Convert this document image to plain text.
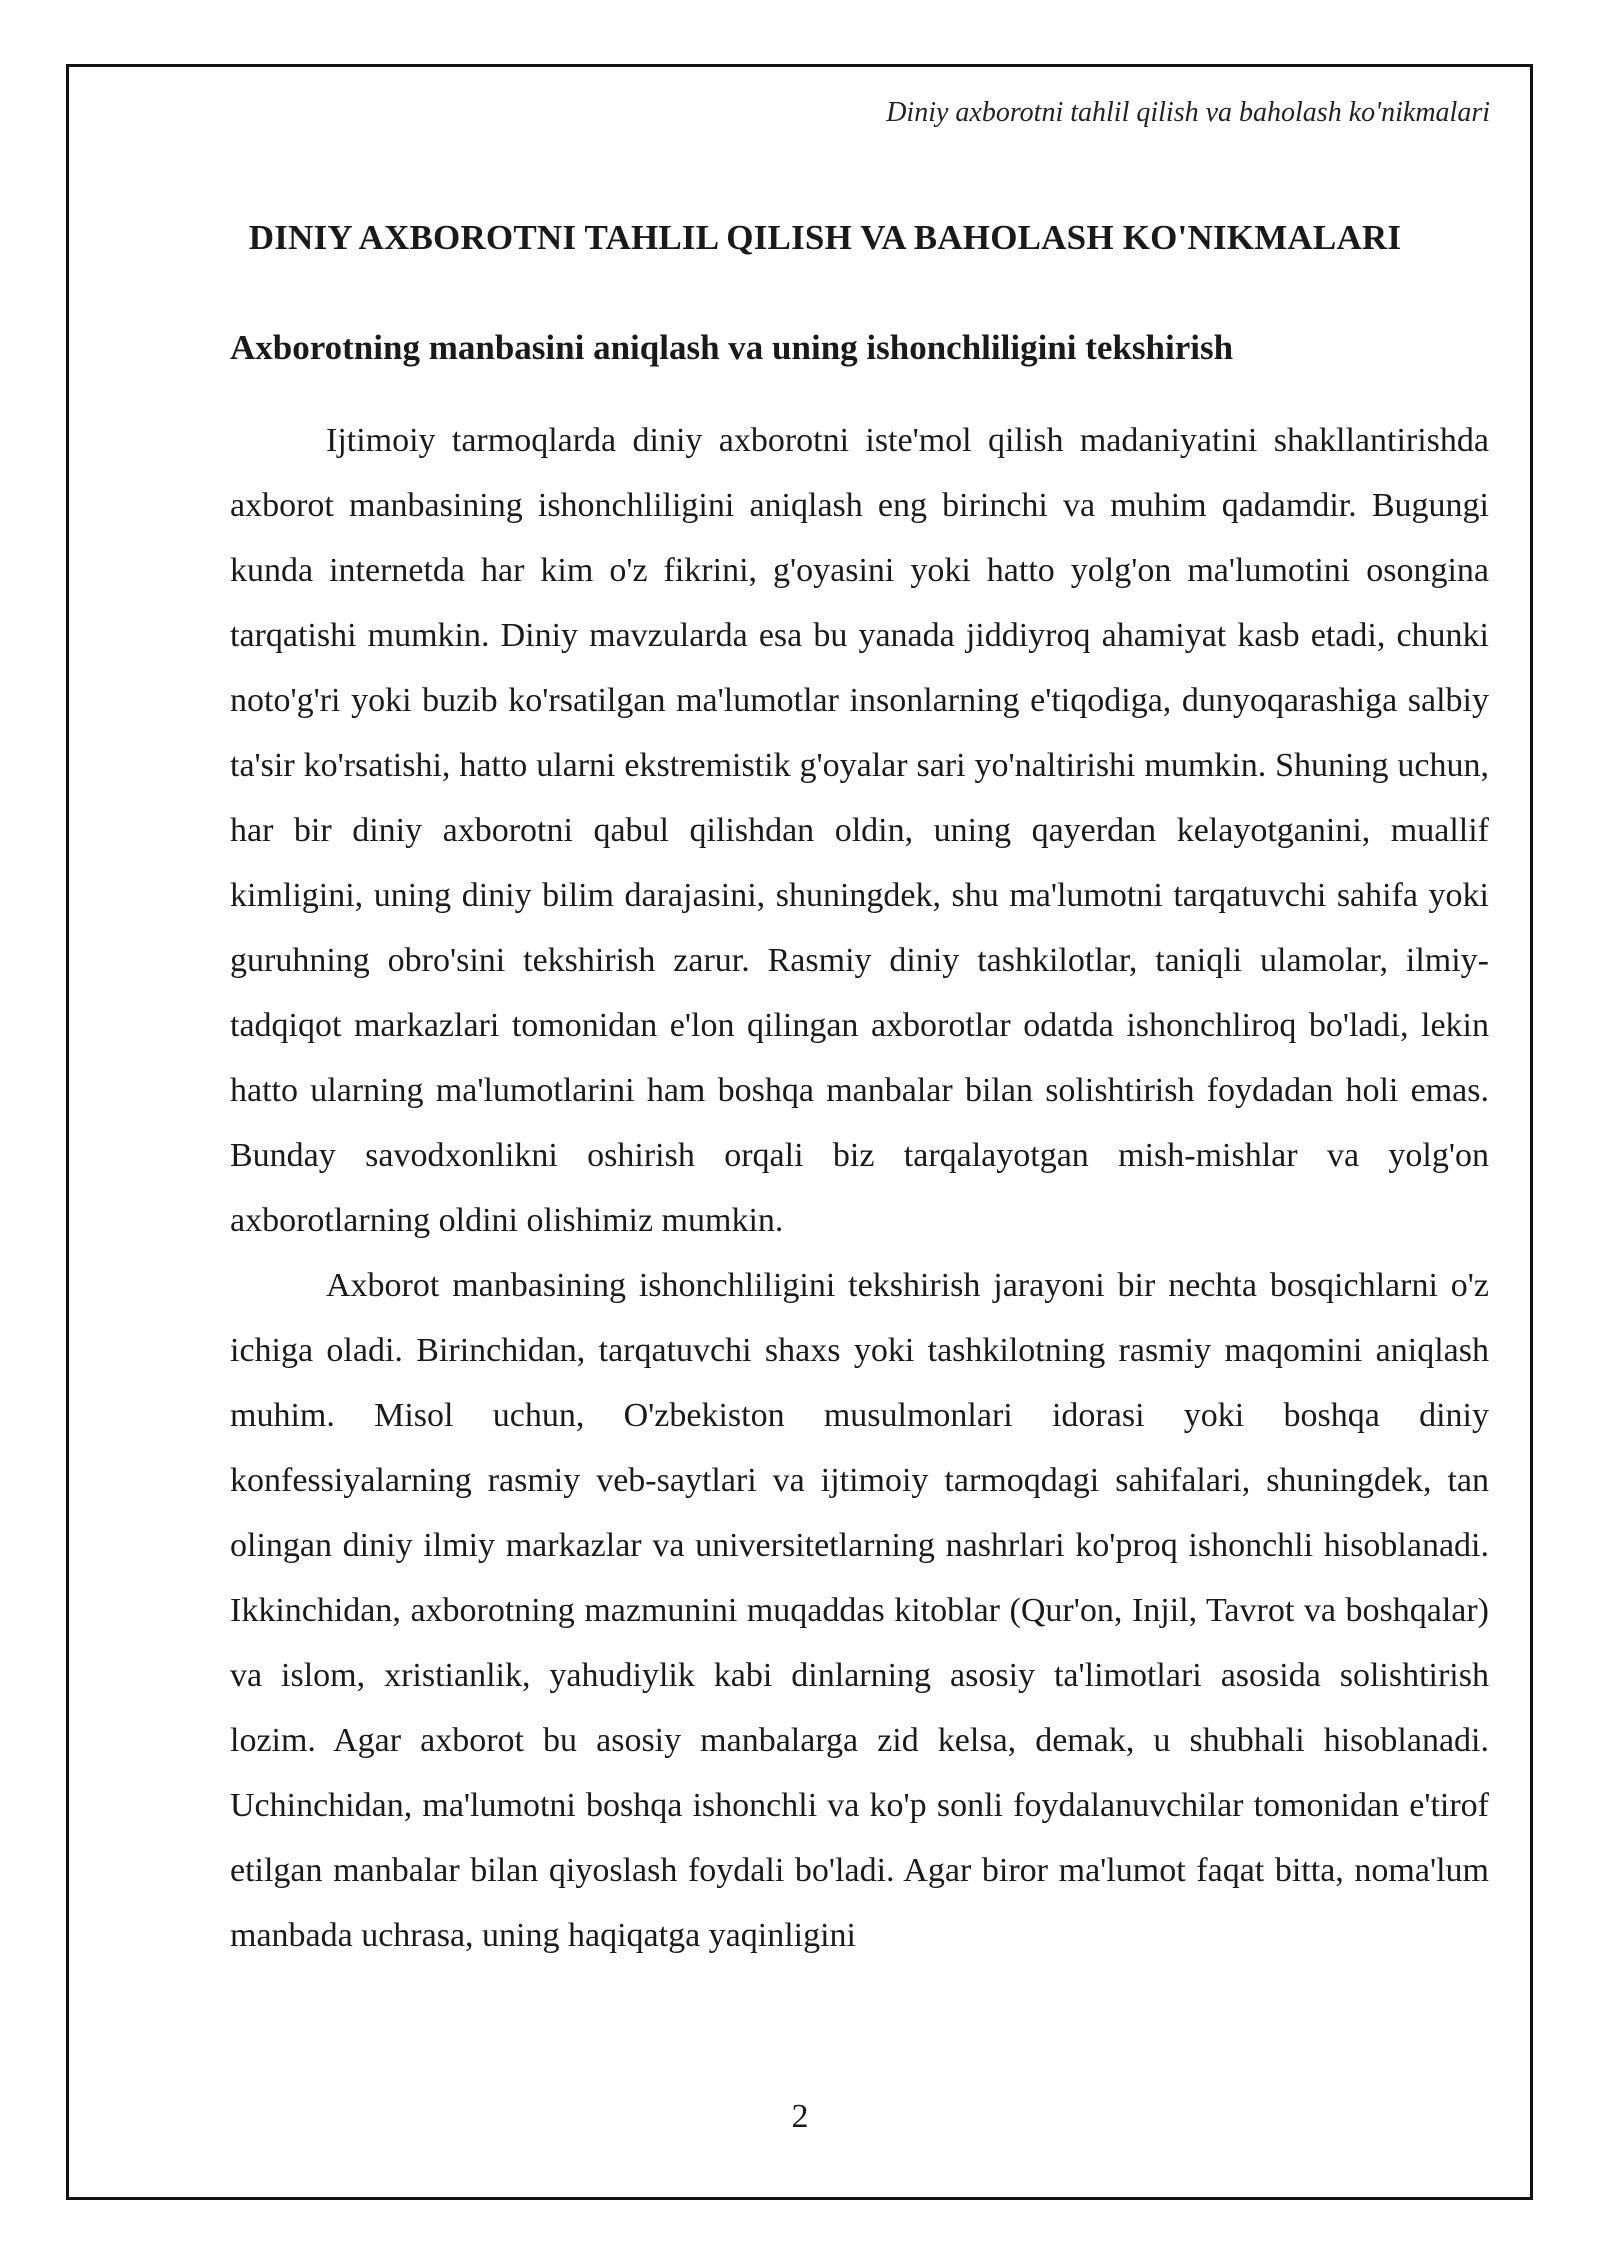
Diniy axborotni tahlil qilish va baholash ko'nikmalari

DINIY AXBOROTNI TAHLIL QILISH VA BAHOLASH KO'NIKMALARI
Axborotning manbasini aniqlash va uning ishonchliligini tekshirish

Ijtimoiy tarmoqlarda diniy axborotni iste'mol qilish madaniyatini shakllantirishda axborot manbasining ishonchliligini aniqlash eng birinchi va muhim qadamdir. Bugungi kunda internetda har kim o'z fikrini, g'oyasini yoki hatto yolg'on ma'lumotini osongina tarqatishi mumkin. Diniy mavzularda esa bu yanada jiddiyroq ahamiyat kasb etadi, chunki noto'g'ri yoki buzib ko'rsatilgan ma'lumotlar insonlarning e'tiqodiga, dunyoqarashiga salbiy ta'sir ko'rsatishi, hatto ularni ekstremistik g'oyalar sari yo'naltirishi mumkin. Shuning uchun, har bir diniy axborotni qabul qilishdan oldin, uning qayerdan kelayotganini, muallif kimligini, uning diniy bilim darajasini, shuningdek, shu ma'lumotni tarqatuvchi sahifa yoki guruhning obro'sini tekshirish zarur. Rasmiy diniy tashkilotlar, taniqli ulamolar, ilmiy-tadqiqot markazlari tomonidan e'lon qilingan axborotlar odatda ishonchliroq bo'ladi, lekin hatto ularning ma'lumotlarini ham boshqa manbalar bilan solishtirish foydadan holi emas. Bunday savodxonlikni oshirish orqali biz tarqalayotgan mish-mishlar va yolg'on axborotlarning oldini olishimiz mumkin.

Axborot manbasining ishonchliligini tekshirish jarayoni bir nechta bosqichlarni o'z ichiga oladi. Birinchidan, tarqatuvchi shaxs yoki tashkilotning rasmiy maqomini aniqlash muhim. Misol uchun, O'zbekiston musulmonlari idorasi yoki boshqa diniy konfessiyalarning rasmiy veb-saytlari va ijtimoiy tarmoqdagi sahifalari, shuningdek, tan olingan diniy ilmiy markazlar va universitetlarning nashrlari ko'proq ishonchli hisoblanadi. Ikkinchidan, axborotning mazmunini muqaddas kitoblar (Qur'on, Injil, Tavrot va boshqalar) va islom, xristianlik, yahudiylik kabi dinlarning asosiy ta'limotlari asosida solishtirish lozim. Agar axborot bu asosiy manbalarga zid kelsa, demak, u shubhali hisoblanadi. Uchinchidan, ma'lumotni boshqa ishonchli va ko'p sonli foydalanuvchilar tomonidan e'tirof etilgan manbalar bilan qiyoslash foydali bo'ladi. Agar biror ma'lumot faqat bitta, noma'lum manbada uchrasa, uning haqiqatga yaqinligini

2
